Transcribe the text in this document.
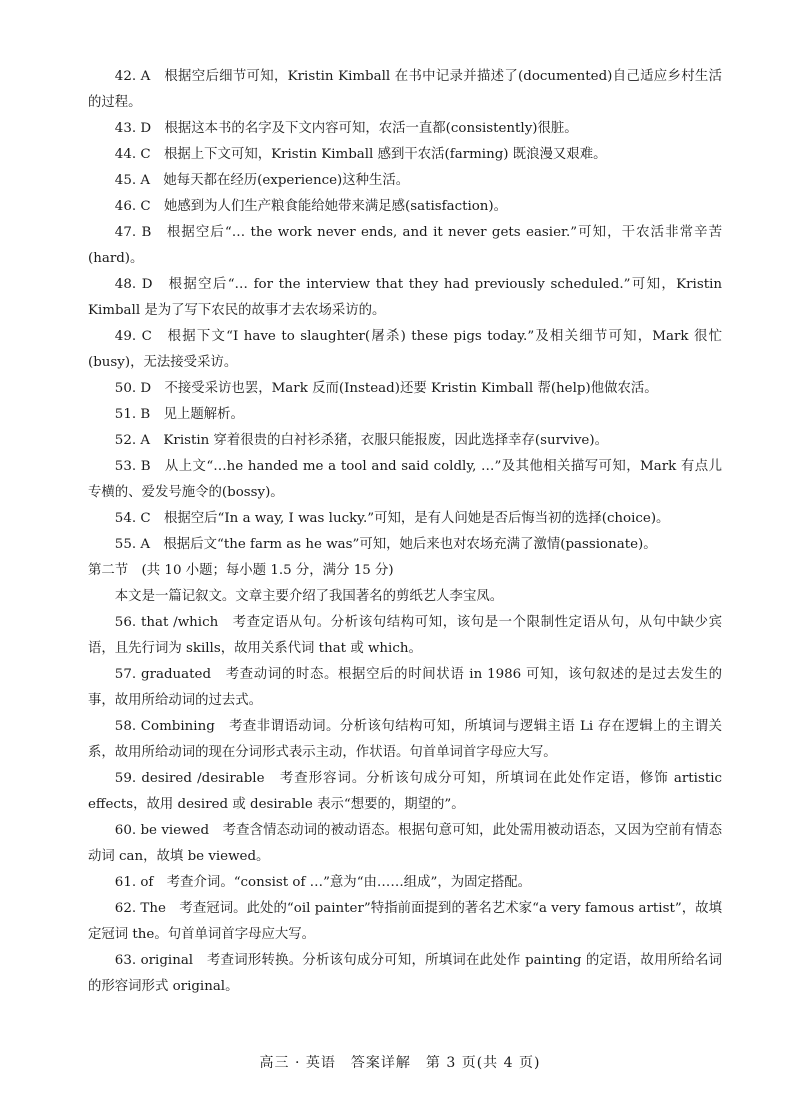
42. A　根据空后细节可知，Kristin Kimball 在书中记录并描述了(documented)自己适应乡村生活的过程。

43. D　根据这本书的名字及下文内容可知，农活一直都(consistently)很脏。

44. C　根据上下文可知，Kristin Kimball 感到干农活(farming) 既浪漫又艰难。

45. A　她每天都在经历(experience)这种生活。

46. C　她感到为人们生产粮食能给她带来满足感(satisfaction)。

47. B　根据空后“… the work never ends, and it never gets easier.”可知，干农活非常辛苦(hard)。

48. D　根据空后“… for the interview that they had previously scheduled.”可知，Kristin Kimball 是为了写下农民的故事才去农场采访的。

49. C　根据下文“I have to slaughter(屠杀) these pigs today.”及相关细节可知，Mark 很忙(busy)，无法接受采访。

50. D　不接受采访也罢，Mark 反而(Instead)还要 Kristin Kimball 帮(help)他做农活。

51. B　见上题解析。

52. A　Kristin 穿着很贵的白衬衫杀猪，衣服只能报废，因此选择幸存(survive)。

53. B　从上文“…he handed me a tool and said coldly, …”及其他相关描写可知，Mark 有点儿专横的、爱发号施令的(bossy)。

54. C　根据空后“In a way, I was lucky.”可知，是有人问她是否后悔当初的选择(choice)。

55. A　根据后文“the farm as he was”可知，她后来也对农场充满了激情(passionate)。

第二节　(共 10 小题；每小题 1.5 分，满分 15 分)

本文是一篇记叙文。文章主要介绍了我国著名的剪纸艺人李宝凤。

56. that /which　考查定语从句。分析该句结构可知，该句是一个限制性定语从句，从句中缺少宾语，且先行词为 skills，故用关系代词 that 或 which。

57. graduated　考查动词的时态。根据空后的时间状语 in 1986 可知，该句叙述的是过去发生的事，故用所给动词的过去式。

58. Combining　考查非谓语动词。分析该句结构可知，所填词与逻辑主语 Li 存在逻辑上的主谓关系，故用所给动词的现在分词形式表示主动，作状语。句首单词首字母应大写。

59. desired /desirable　考查形容词。分析该句成分可知，所填词在此处作定语，修饰 artistic effects，故用 desired 或 desirable 表示“想要的，期望的”。

60. be viewed　考查含情态动词的被动语态。根据句意可知，此处需用被动语态，又因为空前有情态动词 can，故填 be viewed。

61. of　考查介词。“consist of …”意为“由……组成”，为固定搭配。

62. The　考查冠词。此处的“oil painter”特指前面提到的著名艺术家“a very famous artist”，故填定冠词 the。句首单词首字母应大写。

63. original　考查词形转换。分析该句成分可知，所填词在此处作 painting 的定语，故用所给名词的形容词形式 original。

高三 · 英语　答案详解　第 3 页(共 4 页)
